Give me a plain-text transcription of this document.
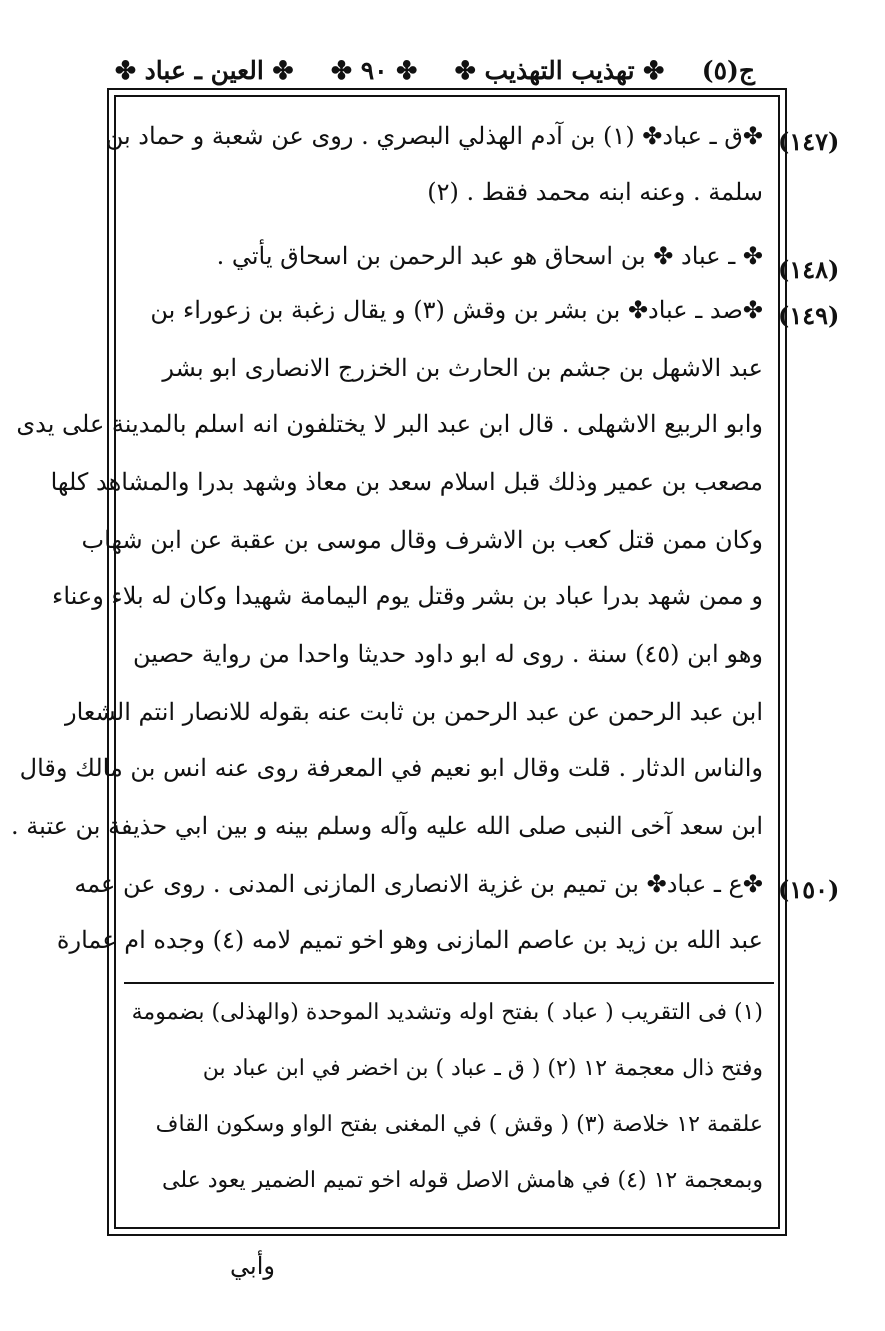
ج(٥)
✤ تهذيب التهذيب ✤
✤ ٩٠ ✤
✤ العين ـ عباد ✤
(١٤٧)
✤ق ـ عباد✤ (١) بن آدم الهذلي البصري . روى عن شعبة و حماد بن
سلمة . وعنه ابنه محمد فقط . (٢)
(١٤٨)
✤ ـ عباد ✤ بن اسحاق هو عبد الرحمن بن اسحاق يأتي .
(١٤٩)
✤صد ـ عباد✤ بن بشر بن وقش (٣) و يقال زغبة بن زعوراء بن
عبد الاشهل بن جشم بن الحارث بن الخزرج الانصارى ابو بشر
وابو الربيع الاشهلى . قال ابن عبد البر لا يختلفون انه اسلم بالمدينة على يدى
مصعب بن عمير وذلك قبل اسلام سعد بن معاذ وشهد بدرا والمشاهد كلها
وكان ممن قتل كعب بن الاشرف وقال موسى بن عقبة عن ابن شهاب
و ممن شهد بدرا عباد بن بشر وقتل يوم اليمامة شهيدا وكان له بلاء وعناء
وهو ابن (٤٥) سنة . روى له ابو داود حديثا واحدا من رواية حصين
ابن عبد الرحمن عن عبد الرحمن بن ثابت عنه بقوله للانصار انتم الشعار
والناس الدثار . قلت وقال ابو نعيم في المعرفة روى عنه انس بن مالك وقال
ابن سعد آخى النبى صلى الله عليه وآله وسلم بينه و بين ابي حذيفة بن عتبة .
(١٥٠)
✤ع ـ عباد✤ بن تميم بن غزية الانصارى المازنى المدنى . روى عن عمه
عبد الله بن زيد بن عاصم المازنى وهو اخو تميم لامه (٤) وجده ام عمارة
(١) فى التقريب ( عباد ) بفتح اوله وتشديد الموحدة (والهذلى) بضمومة
وفتح ذال معجمة ١٢ (٢) ( ق ـ عباد ) بن اخضر في ابن عباد بن
علقمة ١٢ خلاصة (٣) ( وقش ) في المغنى بفتح الواو وسكون القاف
وبمعجمة ١٢ (٤) في هامش الاصل قوله اخو تميم الضمير يعود على
وأبي
